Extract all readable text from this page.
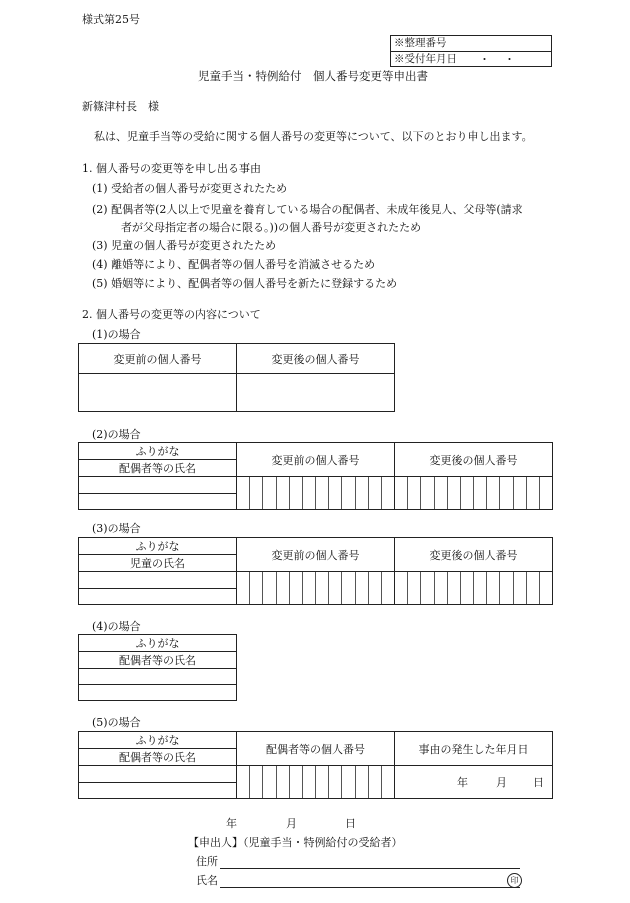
様式第25号
※整理番号
※受付年月日	・・
児童手当・特例給付　個人番号変更等申出書
新篠津村長　様
私は、児童手当等の受給に関する個人番号の変更等について、以下のとおり申し出ます。
1. 個人番号の変更等を申し出る事由
(1) 受給者の個人番号が変更されたため
(2) 配偶者等(2人以上で児童を養育している場合の配偶者、未成年後見人、父母等(請求
者が父母指定者の場合に限る。))の個人番号が変更されたため
(3) 児童の個人番号が変更されたため
(4) 離婚等により、配偶者等の個人番号を消滅させるため
(5) 婚姻等により、配偶者等の個人番号を新たに登録するため
2. 個人番号の変更等の内容について
(1)の場合
変更前の個人番号	変更後の個人番号

(2)の場合
ふりがな	変更前の個人番号	変更後の個人番号
配偶者等の氏名		

(3)の場合
ふりがな	変更前の個人番号	変更後の個人番号
児童の氏名		

(4)の場合
ふりがな
配偶者等の氏名

(5)の場合
ふりがな	配偶者等の個人番号	事由の発生した年月日
配偶者等の氏名		

	年 月 日

年	月	日
【申出人】（児童手当・特例給付の受給者）
住所
氏名	印
